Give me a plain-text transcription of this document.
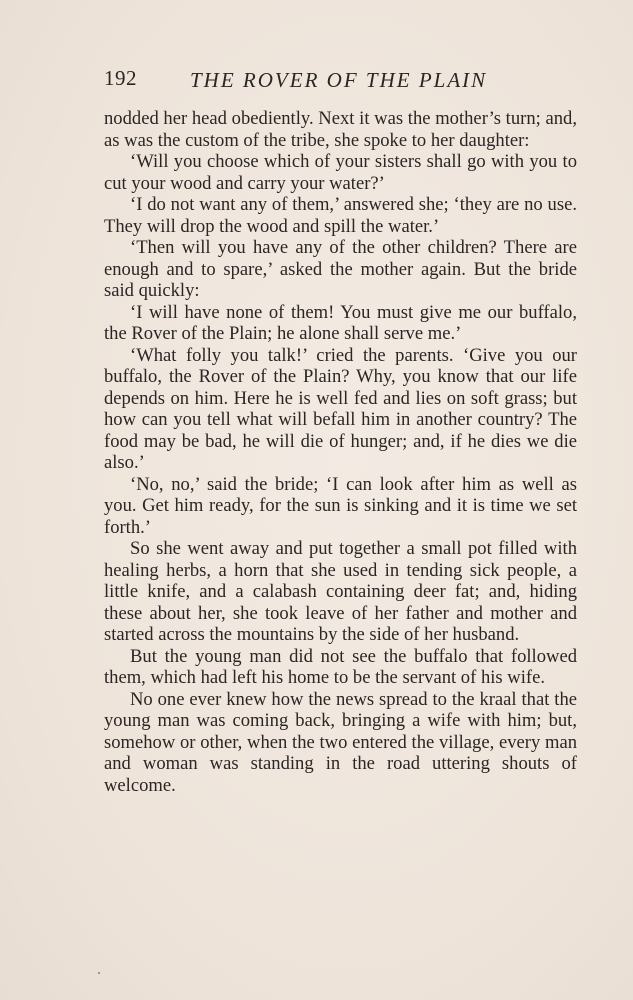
192	THE ROVER OF THE PLAIN

nodded her head obediently. Next it was the mother’s turn; and, as was the custom of the tribe, she spoke to her daughter:

‘Will you choose which of your sisters shall go with you to cut your wood and carry your water?’

‘I do not want any of them,’ answered she; ‘they are no use. They will drop the wood and spill the water.’

‘Then will you have any of the other children? There are enough and to spare,’ asked the mother again. But the bride said quickly:

‘I will have none of them! You must give me our buffalo, the Rover of the Plain; he alone shall serve me.’

‘What folly you talk!’ cried the parents. ‘Give you our buffalo, the Rover of the Plain? Why, you know that our life depends on him. Here he is well fed and lies on soft grass; but how can you tell what will befall him in another country? The food may be bad, he will die of hunger; and, if he dies we die also.’

‘No, no,’ said the bride; ‘I can look after him as well as you. Get him ready, for the sun is sinking and it is time we set forth.’

So she went away and put together a small pot filled with healing herbs, a horn that she used in tending sick people, a little knife, and a calabash containing deer fat; and, hiding these about her, she took leave of her father and mother and started across the mountains by the side of her husband.

But the young man did not see the buffalo that followed them, which had left his home to be the servant of his wife.

No one ever knew how the news spread to the kraal that the young man was coming back, bringing a wife with him; but, somehow or other, when the two entered the village, every man and woman was standing in the road uttering shouts of welcome.
